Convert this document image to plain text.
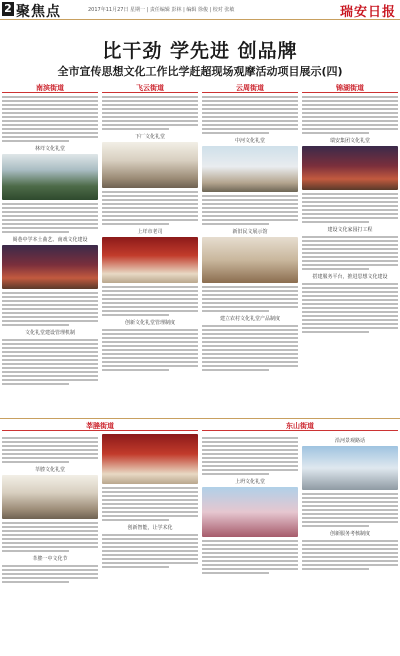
2 聚焦点	2017年11月27日 星期一 | 责任编辑 彭林 | 编辑 徐俊 | 校对 张敏	瑞安日报
比干劲 学先进 创品牌
全市宣传思想文化工作比学赶超现场观摩活动项目展示(四)
南滨街道
林垟文化礼堂
阁巷中学本土曲艺、南戏文化建设
文化礼堂建设管理机制
飞云街道
下厂文化礼堂
上垟市老司
创新文化礼堂管理制度
云周街道
中河文化礼堂
新旧民文展示馆
建立农村文化礼堂产品制度
锦湖街道
瑞安集团文化礼堂
建设文化家园打工程
搭建服务平台，推进思想文化建设
莘塍街道
莘塍文化礼堂
莘塍一中文化节
创新智能，让学术化
东山街道
上坍文化礼堂
沿河景观路话
创新服务考核制度
